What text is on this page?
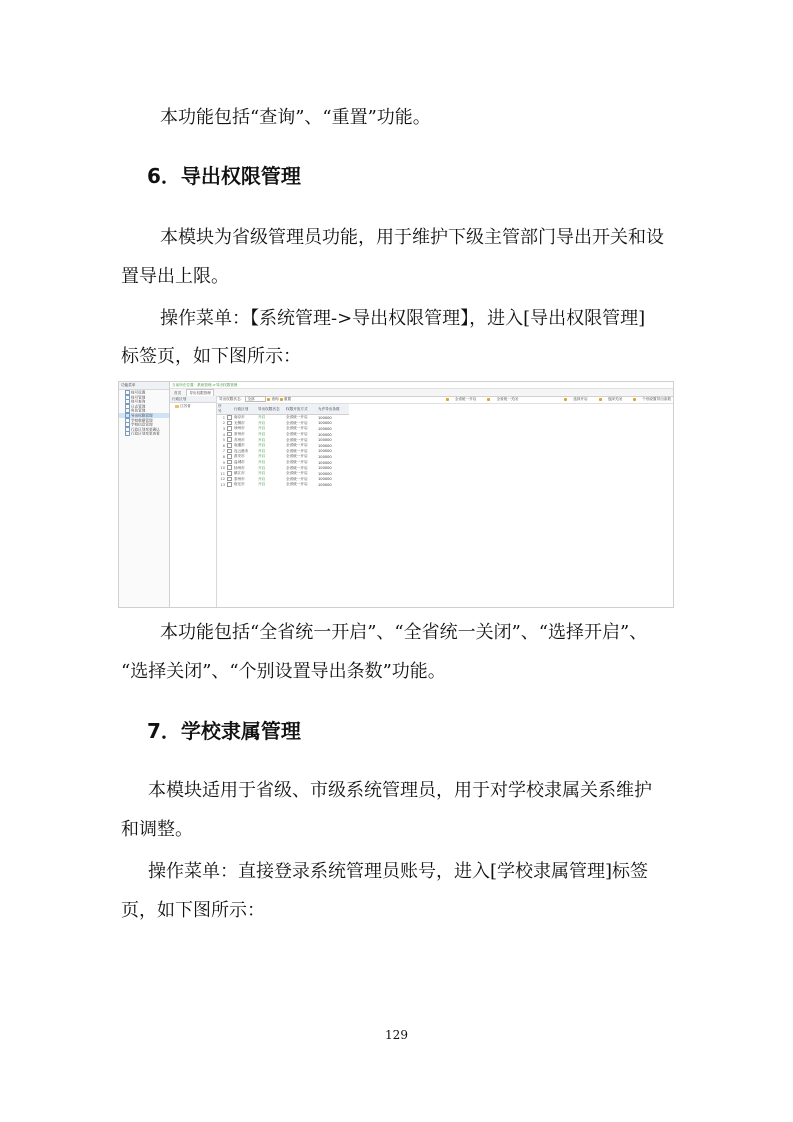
本功能包括“查询”、“重置”功能。
6．导出权限管理
本模块为省级管理员功能，用于维护下级主管部门导出开关和设
置导出上限。
操作菜单：【系统管理->导出权限管理】，进入[导出权限管理]
标签页，如下图所示：
功能菜单
账号设置
账号管理
账号查询
日志管理
角色管理
导出权限管理
学校数据管理
学校信息管理
行政区划变更确认
行政区划变更查看
当前所在位置：系统管理->导出权限管理
首页 导出权限管理
行政区划
江苏省
导出权限状态： 全部	查询 重置	全省统一开启	全省统一关闭	选择开启	选择关闭	个别设置导出条数
序号		行政区划	导出权限状态	权限开放方式	允许导出条数
1		南京市	开启	全省统一开启	100000
2		无锡市	开启	全省统一开启	100000
3		徐州市	开启	全省统一开启	100000
4		常州市	开启	全省统一开启	100000
5		苏州市	开启	全省统一开启	100000
6		南通市	开启	全省统一开启	100000
7		连云港市	开启	全省统一开启	100000
8		淮安市	开启	全省统一开启	100000
9		盐城市	开启	全省统一开启	100000
10		扬州市	开启	全省统一开启	100000
11		镇江市	开启	全省统一开启	100000
12		泰州市	开启	全省统一开启	100000
13		宿迁市	开启	全省统一开启	100000
本功能包括“全省统一开启”、“全省统一关闭”、“选择开启”、
“选择关闭”、“个别设置导出条数”功能。
7．学校隶属管理
本模块适用于省级、市级系统管理员，用于对学校隶属关系维护
和调整。
操作菜单：直接登录系统管理员账号，进入[学校隶属管理]标签
页，如下图所示：
129
